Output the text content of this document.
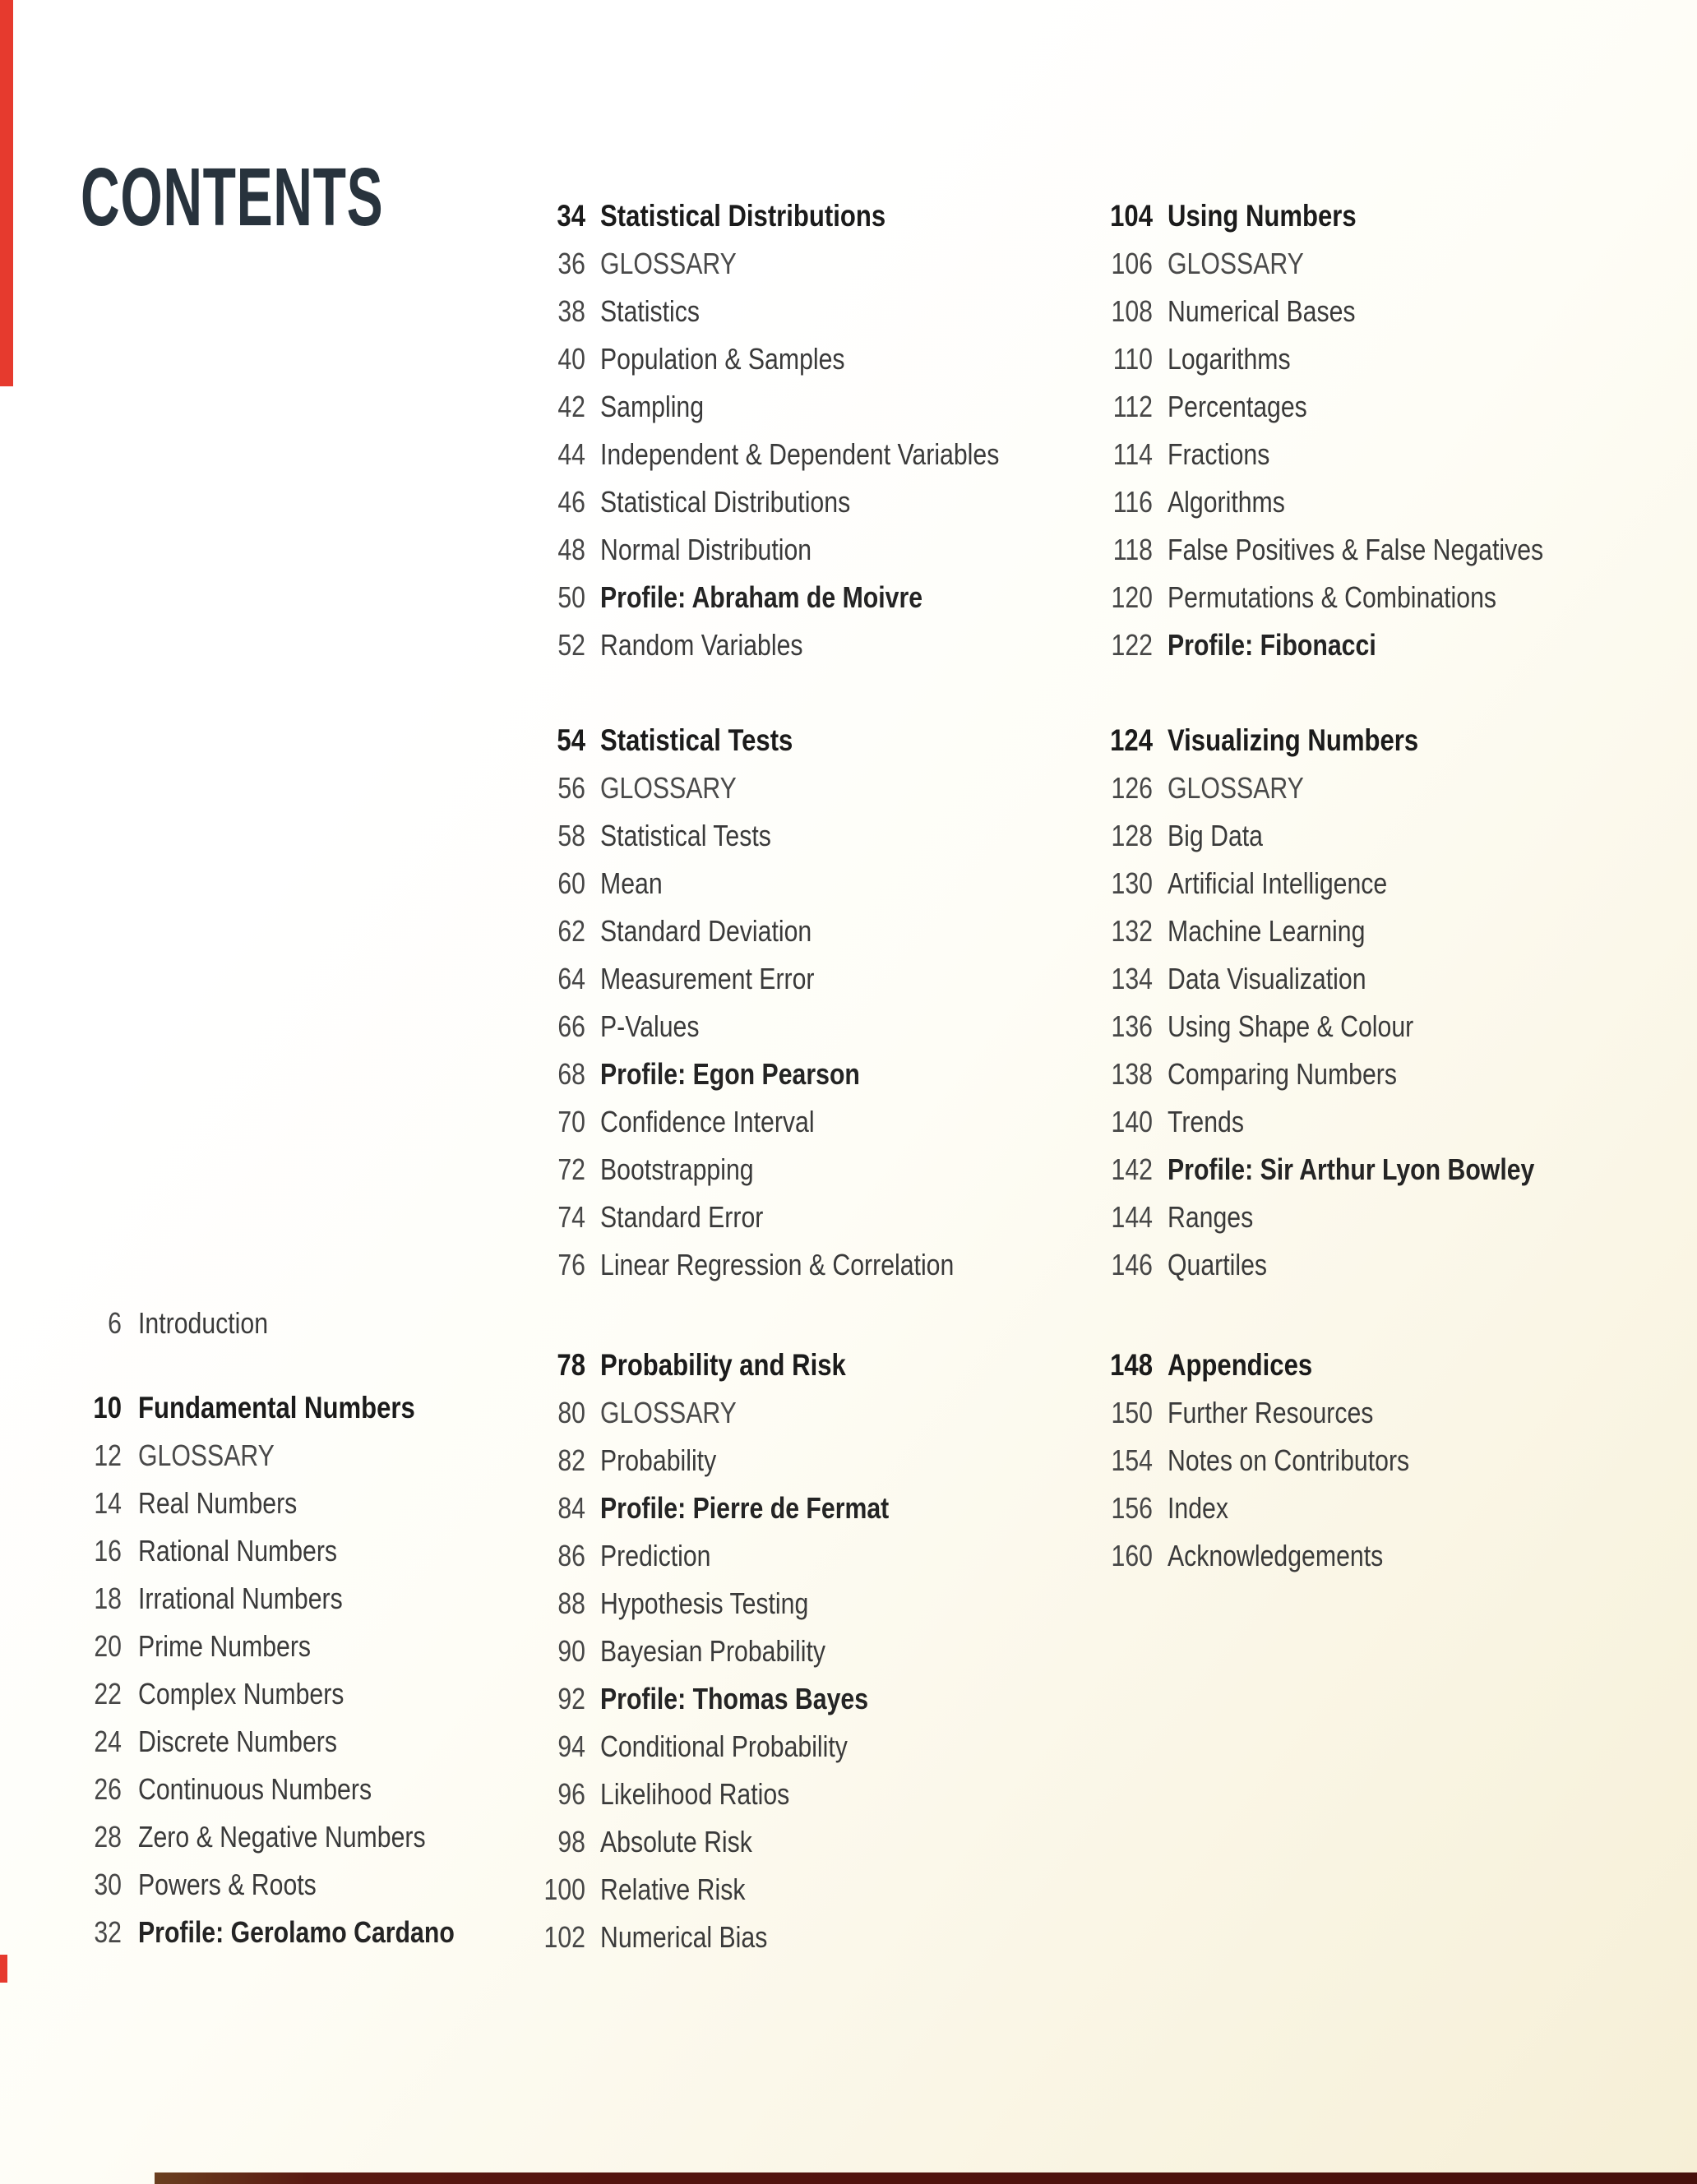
CONTENTS
6 Introduction
10 Fundamental Numbers
12 GLOSSARY
14 Real Numbers
16 Rational Numbers
18 Irrational Numbers
20 Prime Numbers
22 Complex Numbers
24 Discrete Numbers
26 Continuous Numbers
28 Zero & Negative Numbers
30 Powers & Roots
32 Profile: Gerolamo Cardano
34 Statistical Distributions
36 GLOSSARY
38 Statistics
40 Population & Samples
42 Sampling
44 Independent & Dependent Variables
46 Statistical Distributions
48 Normal Distribution
50 Profile: Abraham de Moivre
52 Random Variables
54 Statistical Tests
56 GLOSSARY
58 Statistical Tests
60 Mean
62 Standard Deviation
64 Measurement Error
66 P-Values
68 Profile: Egon Pearson
70 Confidence Interval
72 Bootstrapping
74 Standard Error
76 Linear Regression & Correlation
78 Probability and Risk
80 GLOSSARY
82 Probability
84 Profile: Pierre de Fermat
86 Prediction
88 Hypothesis Testing
90 Bayesian Probability
92 Profile: Thomas Bayes
94 Conditional Probability
96 Likelihood Ratios
98 Absolute Risk
100 Relative Risk
102 Numerical Bias
104 Using Numbers
106 GLOSSARY
108 Numerical Bases
110 Logarithms
112 Percentages
114 Fractions
116 Algorithms
118 False Positives & False Negatives
120 Permutations & Combinations
122 Profile: Fibonacci
124 Visualizing Numbers
126 GLOSSARY
128 Big Data
130 Artificial Intelligence
132 Machine Learning
134 Data Visualization
136 Using Shape & Colour
138 Comparing Numbers
140 Trends
142 Profile: Sir Arthur Lyon Bowley
144 Ranges
146 Quartiles
148 Appendices
150 Further Resources
154 Notes on Contributors
156 Index
160 Acknowledgements
